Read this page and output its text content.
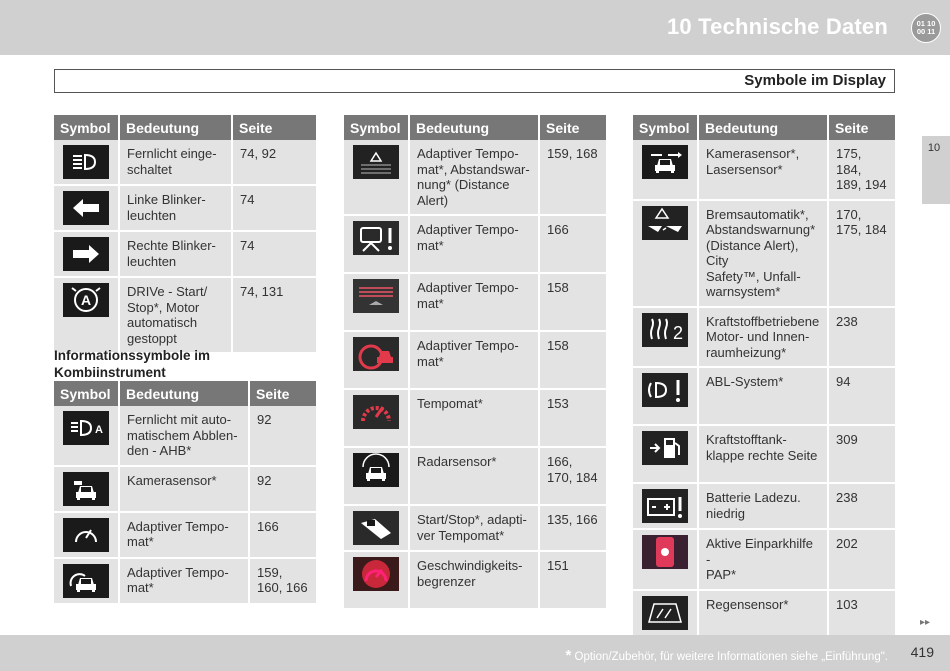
10 Technische Daten	01 10
00 11
Symbole im Display
10
Symbol	Bedeutung	Seite
	Fernlicht einge-
schaltet	74, 92
	Linke Blinker-
leuchten	74
	Rechte Blinker-
leuchten	74

A	DRIVe - Start/
Stop*, Motor
automatisch
gestoppt	74, 131
Informationssymbole im
Kombiinstrument
Symbol	Bedeutung	Seite

A	Fernlicht mit auto-
matischem Abblen-
den - AHB*	92
	Kamerasensor*	92
	Adaptiver Tempo-
mat*	166
	Adaptiver Tempo-
mat*	159,
160, 166
Symbol	Bedeutung	Seite
	Adaptiver Tempo-
mat*, Abstandswar-
nung* (Distance
Alert)	159, 168
	Adaptiver Tempo-
mat*	166
	Adaptiver Tempo-
mat*	158
	Adaptiver Tempo-
mat*	158
	Tempomat*	153
	Radarsensor*	166,
170, 184
	Start/Stop*, adapti-
ver Tempomat*	135, 166
	Geschwindigkeits-
begrenzer	151
Symbol	Bedeutung	Seite
	Kamerasensor*,
Lasersensor*	175,
184,
189, 194
	Bremsautomatik*,
Abstandswarnung*
(Distance Alert), City
Safety™, Unfall-
warnsystem*	170,
175, 184

2	Kraftstoffbetriebene
Motor- und Innen-
raumheizung*	238
	ABL-System*	94
	Kraftstofftank-
klappe rechte Seite	309
	Batterie Ladezu.
niedrig	238
	Aktive Einparkhilfe -
PAP*	202
	Regensensor*	103
▸▸
* Option/Zubehör, für weitere Informationen siehe „Einführung". 419
